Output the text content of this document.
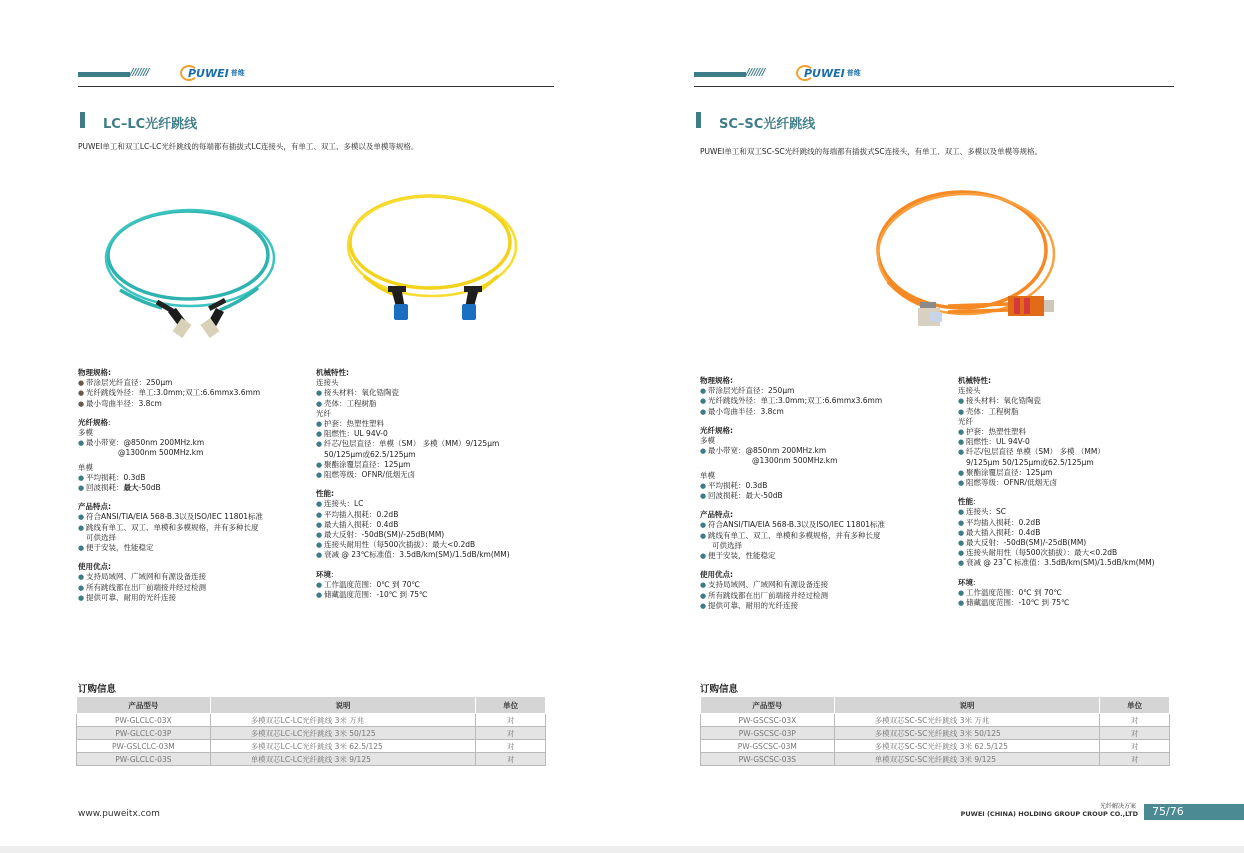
///////	PUWEI 普维
LC–LC光纤跳线
PUWEI单工和双工LC-LC光纤跳线的每端都有插拔式LC连接头，有单工、双工、多模以及单模等规格。
物理规格:
● 带涂层光纤直径：250μm
● 光纤跳线外径：单工:3.0mm;双工:6.6mmx3.6mm
● 最小弯曲半径：3.8cm
光纤规格:
多模
● 最小带宽：@850nm 200MHz.km
@1300nm 500MHz.km
单模
● 平均损耗：0.3dB
● 回波损耗：最大-50dB
产品特点:
● 符合ANSI/TIA/EIA 568-B.3以及ISO/IEC 11801标准
● 跳线有单工、双工、单模和多模规格，并有多种长度
可供选择
● 便于安装，性能稳定
使用优点:
● 支持局域网、广域网和有源设备连接
● 所有跳线都在出厂前端接并经过检测
● 提供可靠、耐用的光纤连接
机械特性:
连接头
● 接头材料：氧化锆陶瓷
● 壳体：工程树脂
光纤
● 护套：热塑性塑料
● 阻燃性：UL 94V-0
● 纤芯/包层直径：单模（SM） 多模（MM）9/125μm
50/125μm或62.5/125μm
● 聚酯涂覆层直径：125μm
● 阻燃等级：OFNR/低烟无卤
性能:
● 连接头：LC
● 平均插入损耗：0.2dB
● 最大插入损耗：0.4dB
● 最大反射：-50dB(SM)/-25dB(MM)
● 连接头耐用性（每500次插拔）：最大<0.2dB
● 衰减 @ 23℃标准值：3.5dB/km(SM)/1.5dB/km(MM)
环境:
● 工作温度范围：0℃ 到 70℃
● 储藏温度范围：-10℃ 到 75℃
订购信息
产品型号	说明	单位
PW-GLCLC-03X	多模双芯LC-LC光纤跳线 3米 万兆	对
PW-GLCLC-03P	多模双芯LC-LC光纤跳线 3米 50/125	对
PW-GSLCLC-03M	多模双芯LC-LC光纤跳线 3米 62.5/125	对
PW-GLCLC-03S	单模双芯LC-LC光纤跳线 3米 9/125	对
www.puweitx.com
///////	PUWEI 普维
SC–SC光纤跳线
PUWEI单工和双工SC-SC光纤跳线的每端都有插拔式SC连接头，有单工、双工、多模以及单模等规格。
物理规格:
● 带涂层光纤直径：250μm
● 光纤跳线外径：单工:3.0mm;双工:6.6mmx3.6mm
● 最小弯曲半径：3.8cm
光纤规格:
多模
● 最小带宽：@850nm 200MHz.km
@1300nm 500MHz.km
单模
● 平均损耗：0.3dB
● 回波损耗：最大-50dB
产品特点:
● 符合ANSI/TIA/EIA 568-B.3以及ISO/IEC 11801标准
● 跳线有单工、双工、单模和多模规格，并有多种长度
可供选择
● 便于安装，性能稳定
使用优点:
● 支持局域网、广域网和有源设备连接
● 所有跳线都在出厂前端接并经过检测
● 提供可靠、耐用的光纤连接
机械特性:
连接头
● 接头材料：氧化锆陶瓷
● 壳体：工程树脂
光纤
● 护套：热塑性塑料
● 阻燃性：UL 94V-0
● 纤芯/包层直径 单模（SM） 多模 （MM）
9/125μm 50/125μm或62.5/125μm
● 聚酯涂覆层直径：125μm
● 阻燃等级：OFNR/低烟无卤
性能:
● 连接头：SC
● 平均插入损耗：0.2dB
● 最大插入损耗：0.4dB
● 最大反射：-50dB(SM)/-25dB(MM)
● 连接头耐用性（每500次插拔）：最大<0.2dB
● 衰减 @ 23˚C 标准值：3.5dB/km(SM)/1.5dB/km(MM)
环境:
● 工作温度范围：0℃ 到 70℃
● 储藏温度范围：-10℃ 到 75℃
订购信息
产品型号	说明	单位
PW-GSCSC-03X	多模双芯SC-SC光纤跳线 3米 万兆	对
PW-GSCSC-03P	多模双芯SC-SC光纤跳线 3米 50/125	对
PW-GSCSC-03M	多模双芯SC-SC光纤跳线 3米 62.5/125	对
PW-GSCSC-03S	单模双芯SC-SC光纤跳线 3米 9/125	对
光纤解决方案
PUWEI (CHINA) HOLDING GROUP CROUP CO.,LTD	75/76
